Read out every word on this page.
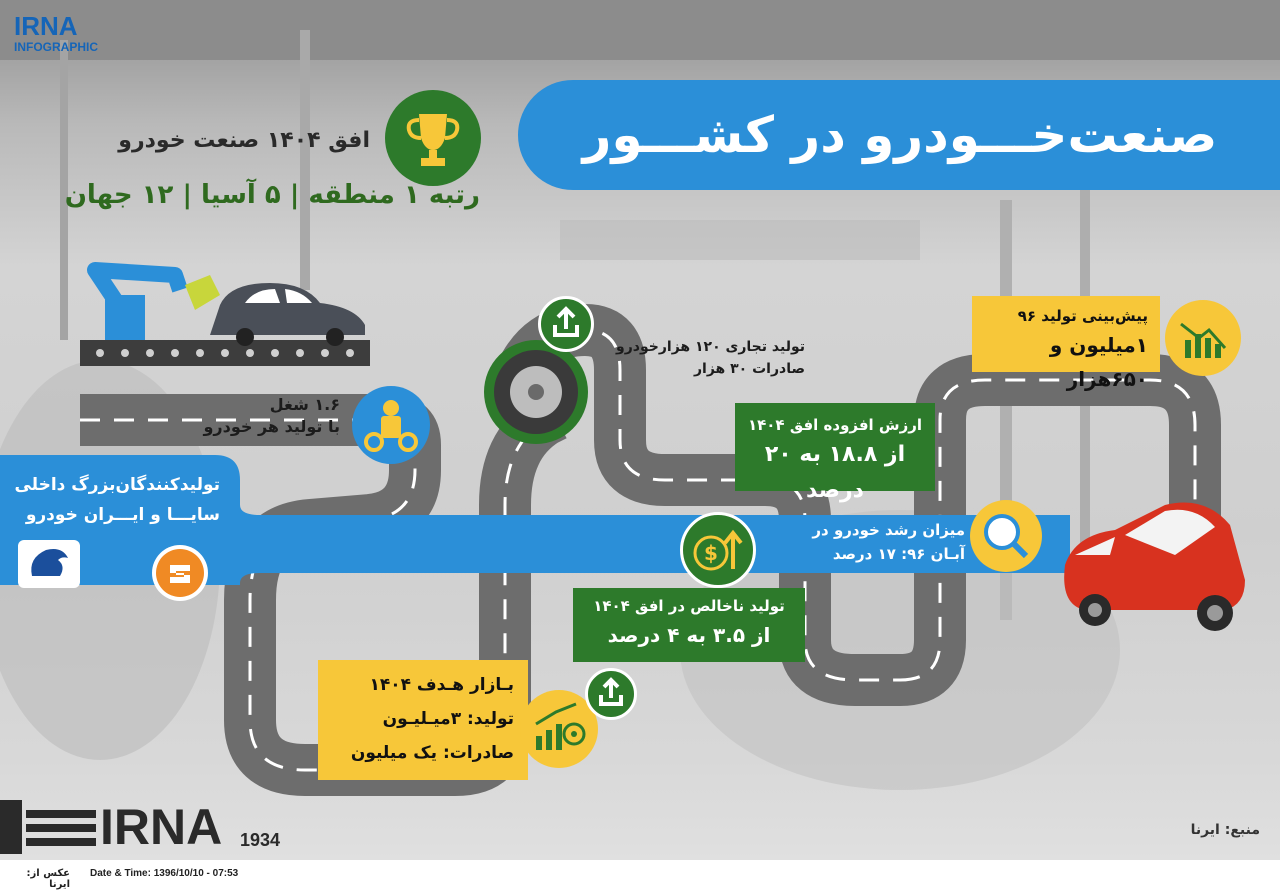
IRNA
INFOGRAPHIC
صنعت‌خـــودرو در کشـــور
افق ۱۴۰۴ صنعت خودرو
رتبه ۱ منطقه | ۵ آسیا | ۱۲ جهان
۱.۶ شغل
با تولید هر خودرو
تولیدکنندگان‌بزرگ داخلی
سایـــا و ایـــران خودرو
تولید تجاری ۱۲۰ هزارخودرو
صادرات ۳۰ هزار
ارزش افزوده افق ۱۴۰۴
از ۱۸.۸ به ۲۰ درصد
پیش‌بینی تولید ۹۶
۱میلیون و ۶۵۰هزار
$
میزان رشد خودرو در
آبـان ۹۶: ۱۷ درصد
تولید ناخالص در افق ۱۴۰۴
از ۳.۵ به ۴ درصد
بـازار هـدف ۱۴۰۴
تولید: ۳میـلیـون
صادرات: یک میلیون
IRNA 1934	منبع: ایرنا
عکس از: ایرنا
Date & Time: 1396/10/10 - 07:53
